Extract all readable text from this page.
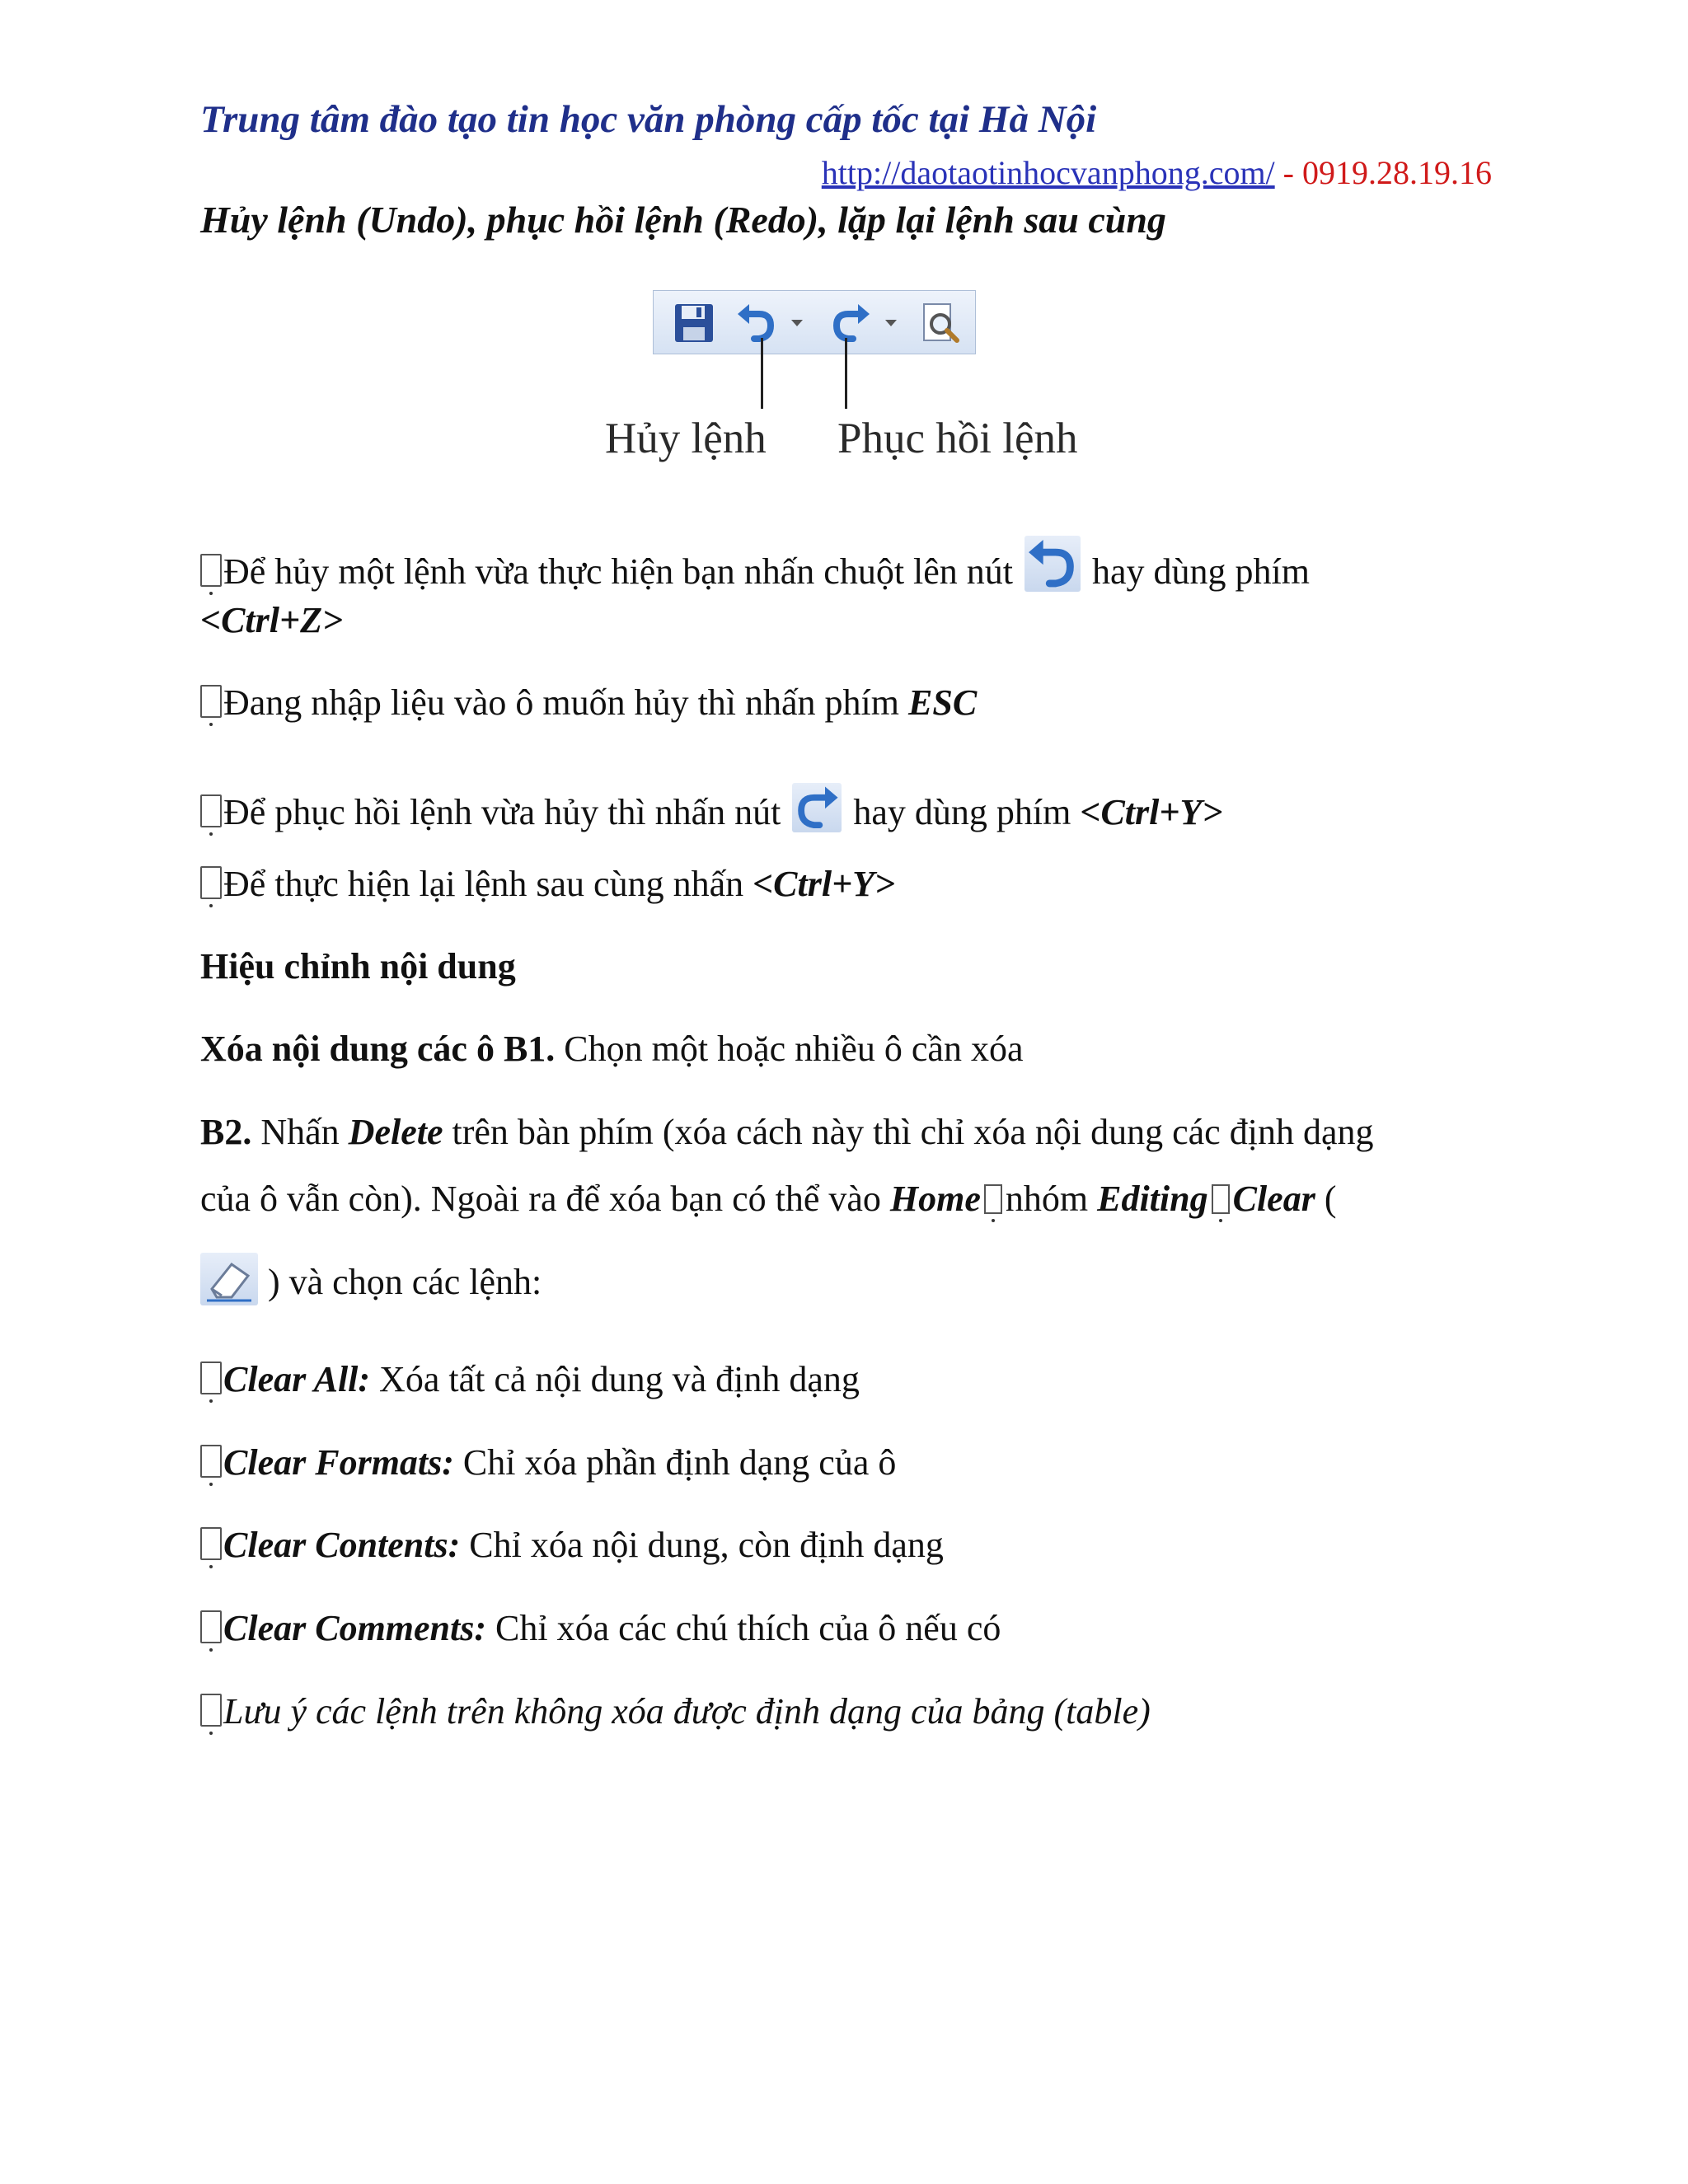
Trung tâm đào tạo tin học văn phòng cấp tốc tại Hà Nội
http://daotaotinhocvanphong.com/ - 0919.28.19.16
Hủy lệnh (Undo), phục hồi lệnh (Redo), lặp lại lệnh sau cùng
Hủy lệnh Phục hồi lệnh
Để hủy một lệnh vừa thực hiện bạn nhấn chuột lên nút hay dùng phím
<Ctrl+Z>
Đang nhập liệu vào ô muốn hủy thì nhấn phím ESC
Để phục hồi lệnh vừa hủy thì nhấn nút hay dùng phím <Ctrl+Y>
Để thực hiện lại lệnh sau cùng nhấn <Ctrl+Y>
Hiệu chỉnh nội dung
Xóa nội dung các ô B1. Chọn một hoặc nhiều ô cần xóa
B2. Nhấn Delete trên bàn phím (xóa cách này thì chỉ xóa nội dung các định dạng
của ô vẫn còn). Ngoài ra để xóa bạn có thể vào Home nhóm Editing Clear (
) và chọn các lệnh:
Clear All: Xóa tất cả nội dung và định dạng
Clear Formats: Chỉ xóa phần định dạng của ô
Clear Contents: Chỉ xóa nội dung, còn định dạng
Clear Comments: Chỉ xóa các chú thích của ô nếu có
Lưu ý các lệnh trên không xóa được định dạng của bảng (table)
